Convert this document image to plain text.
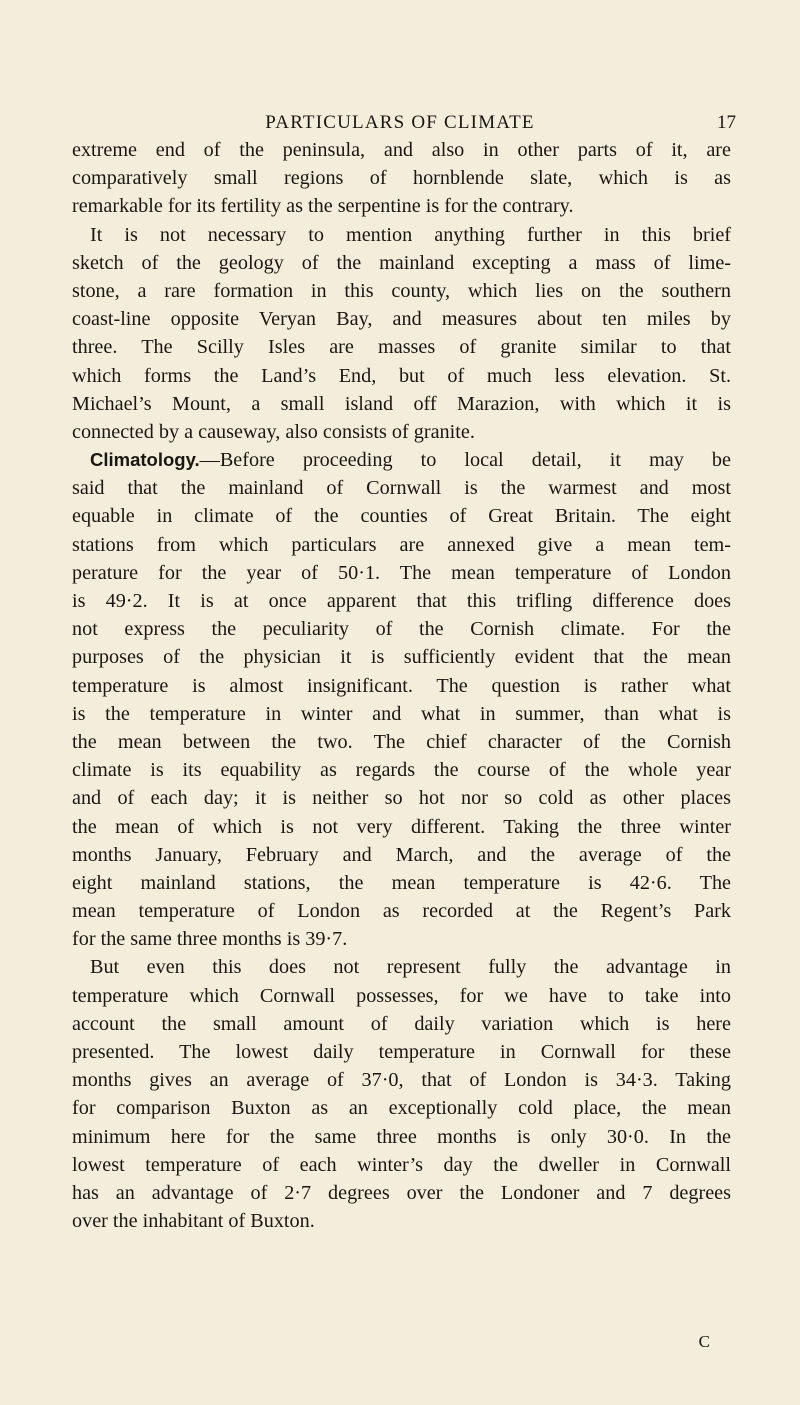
PARTICULARS OF CLIMATE	17
extreme end of the peninsula, and also in other parts of it, are
comparatively small regions of hornblende slate, which is as
remarkable for its fertility as the serpentine is for the contrary.
It is not necessary to mention anything further in this brief
sketch of the geology of the mainland excepting a mass of lime-
stone, a rare formation in this county, which lies on the southern
coast-line opposite Veryan Bay, and measures about ten miles by
three. The Scilly Isles are masses of granite similar to that
which forms the Land’s End, but of much less elevation. St.
Michael’s Mount, a small island off Marazion, with which it is
connected by a causeway, also consists of granite.
Climatology.—Before proceeding to local detail, it may be
said that the mainland of Cornwall is the warmest and most
equable in climate of the counties of Great Britain. The eight
stations from which particulars are annexed give a mean tem-
perature for the year of 50·1. The mean temperature of London
is 49·2. It is at once apparent that this trifling difference does
not express the peculiarity of the Cornish climate. For the
purposes of the physician it is sufficiently evident that the mean
temperature is almost insignificant. The question is rather what
is the temperature in winter and what in summer, than what is
the mean between the two. The chief character of the Cornish
climate is its equability as regards the course of the whole year
and of each day; it is neither so hot nor so cold as other places
the mean of which is not very different. Taking the three winter
months January, February and March, and the average of the
eight mainland stations, the mean temperature is 42·6. The
mean temperature of London as recorded at the Regent’s Park
for the same three months is 39·7.
But even this does not represent fully the advantage in
temperature which Cornwall possesses, for we have to take into
account the small amount of daily variation which is here
presented. The lowest daily temperature in Cornwall for these
months gives an average of 37·0, that of London is 34·3. Taking
for comparison Buxton as an exceptionally cold place, the mean
minimum here for the same three months is only 30·0. In the
lowest temperature of each winter’s day the dweller in Cornwall
has an advantage of 2·7 degrees over the Londoner and 7 degrees
over the inhabitant of Buxton.
C
